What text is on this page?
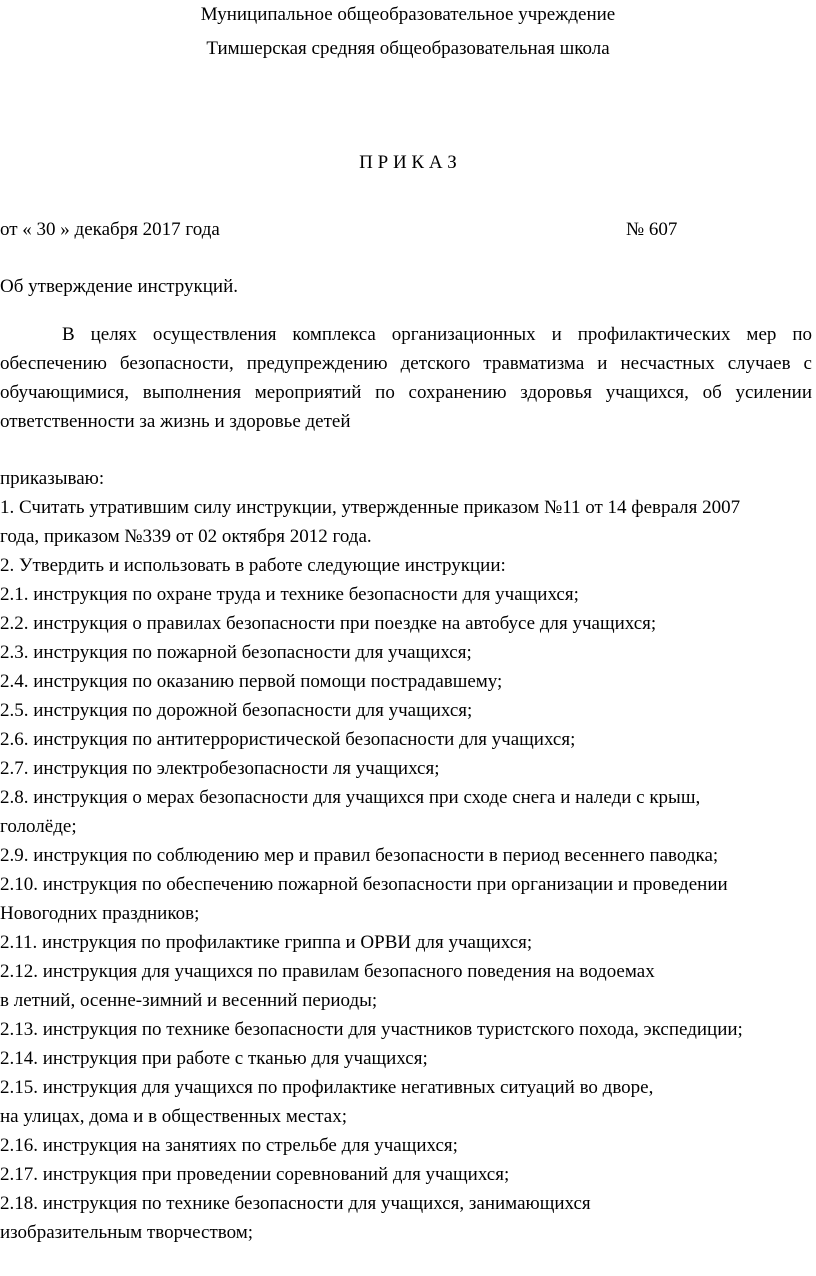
Муниципальное общеобразовательное учреждение
Тимшерская средняя общеобразовательная школа
П Р И К А З
от « 30 » декабря 2017 года	№ 607
Об утверждение инструкций.
В целях осуществления комплекса организационных и профилактических мер по обеспечению безопасности, предупреждению детского травматизма и несчастных случаев с обучающимися, выполнения мероприятий по сохранению здоровья учащихся, об усилении ответственности за жизнь и здоровье детей
приказываю:
1. Считать утратившим силу инструкции, утвержденные приказом №11 от 14 февраля 2007
года, приказом №339 от 02 октября 2012 года.
2. Утвердить и использовать в работе следующие инструкции:
2.1. инструкция по охране труда и технике безопасности для учащихся;
2.2. инструкция о правилах безопасности при поездке на автобусе для учащихся;
2.3. инструкция по пожарной безопасности для учащихся;
2.4. инструкция по оказанию первой помощи пострадавшему;
2.5. инструкция по дорожной безопасности для учащихся;
2.6. инструкция по антитеррористической безопасности для учащихся;
2.7. инструкция по электробезопасности ля учащихся;
2.8. инструкция о мерах безопасности для учащихся при сходе снега и наледи с крыш,
гололёде;
2.9. инструкция по соблюдению мер и правил безопасности в период весеннего паводка;
2.10. инструкция по обеспечению пожарной безопасности при организации и проведении
Новогодних праздников;
2.11. инструкция по профилактике гриппа и ОРВИ для учащихся;
2.12. инструкция для учащихся по правилам безопасного поведения на водоемах
в летний, осенне-зимний и весенний периоды;
2.13. инструкция по технике безопасности для участников туристского похода, экспедиции;
2.14. инструкция при работе с тканью для учащихся;
2.15. инструкция для учащихся по профилактике негативных ситуаций во дворе,
на улицах, дома и в общественных местах;
2.16. инструкция на занятиях по стрельбе для учащихся;
2.17. инструкция при проведении соревнований для учащихся;
2.18. инструкция по технике безопасности для учащихся, занимающихся
изобразительным творчеством;
